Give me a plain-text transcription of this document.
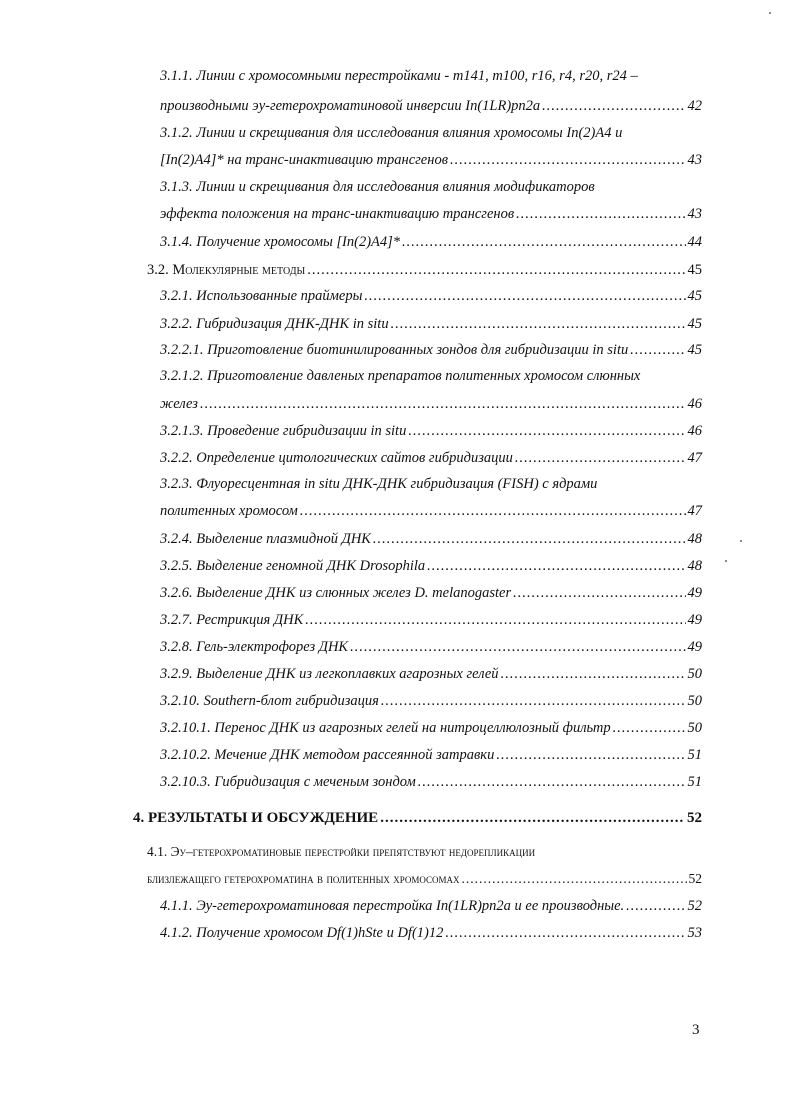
3.1.1. Линии с хромосомными перестройками - m141, m100, r16, r4, r20, r24 –
производными эу-гетерохроматиновой инверсии In(1LR)pn2a .....	42
3.1.2. Линии и скрещивания для исследования влияния хромосомы In(2)A4 и
[In(2)A4]* на транс-инактивацию трансгенов .....	43
3.1.3. Линии и скрещивания для исследования влияния модификаторов
эффекта положения на транс-инактивацию трансгенов .....	43
3.1.4. Получение хромосомы [In(2)A4]* .....	44
3.2. Молекулярные методы .....	45
3.2.1. Использованные праймеры .....	45
3.2.2. Гибридизация ДНК-ДНК in situ .....	45
3.2.2.1. Приготовление биотинилированных зондов для гибридизации in situ .....	45
3.2.1.2. Приготовление давленых препаратов политенных хромосом слюнных
желез .....	46
3.2.1.3. Проведение гибридизации in situ .....	46
3.2.2. Определение цитологических сайтов гибридизации .....	47
3.2.3. Флуоресцентная in situ ДНК-ДНК гибридизация (FISH) с ядрами
политенных хромосом .....	47
3.2.4. Выделение плазмидной ДНК .....	48
3.2.5. Выделение геномной ДНК Drosophila .....	48
3.2.6. Выделение ДНК из слюнных желез D. melanogaster .....	49
3.2.7. Рестрикция ДНК .....	49
3.2.8. Гель-электрофорез ДНК .....	49
3.2.9. Выделение ДНК из легкоплавких агарозных гелей .....	50
3.2.10. Southern-блот гибридизация .....	50
3.2.10.1. Перенос ДНК из агарозных гелей на нитроцеллюлозный фильтр .....	50
3.2.10.2. Мечение ДНК методом рассеянной затравки .....	51
3.2.10.3. Гибридизация с меченым зондом .....	51
4. РЕЗУЛЬТАТЫ И ОБСУЖДЕНИЕ .....	52
4.1. Эу–гетерохроматиновые перестройки препятствуют недорепликации
близлежащего гетерохроматина в политенных хромосомах .....	52
4.1.1. Эу-гетерохроматиновая перестройка In(1LR)pn2a и ее производные. .....	52
4.1.2. Получение хромосом Df(1)hSte и Df(1)12 .....	53
3
